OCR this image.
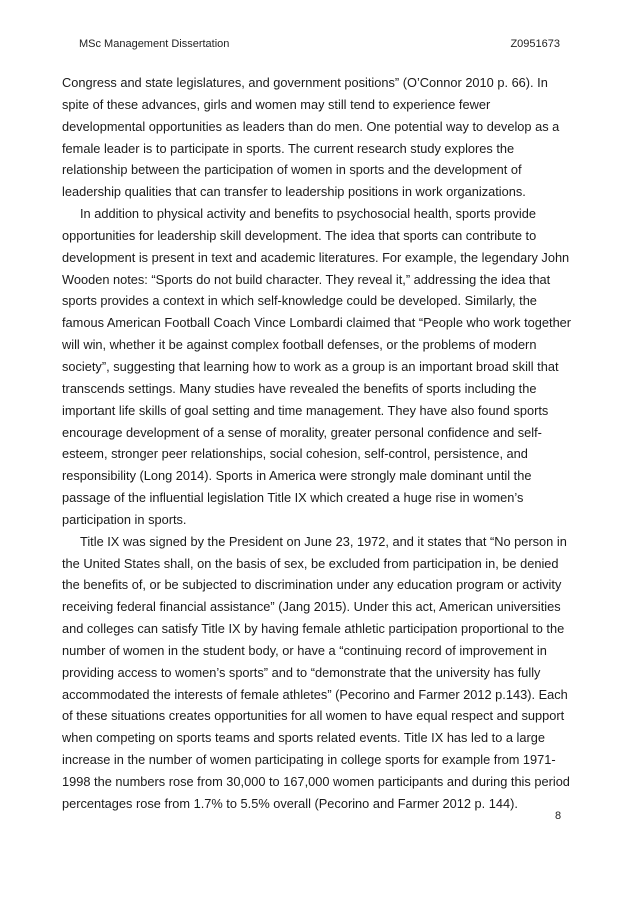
MSc Management Dissertation	Z0951673
Congress and state legislatures, and government positions” (O’Connor 2010 p. 66). In
spite of these advances, girls and women may still tend to experience fewer
developmental opportunities as leaders than do men. One potential way to develop as a
female leader is to participate in sports. The current research study explores the
relationship between the participation of women in sports and the development of
leadership qualities that can transfer to leadership positions in work organizations.
In addition to physical activity and benefits to psychosocial health, sports provide
opportunities for leadership skill development. The idea that sports can contribute to
development is present in text and academic literatures. For example, the legendary John
Wooden notes: “Sports do not build character. They reveal it,” addressing the idea that
sports provides a context in which self-knowledge could be developed. Similarly, the
famous American Football Coach Vince Lombardi claimed that “People who work together
will win, whether it be against complex football defenses, or the problems of modern
society”, suggesting that learning how to work as a group is an important broad skill that
transcends settings. Many studies have revealed the benefits of sports including the
important life skills of goal setting and time management. They have also found sports
encourage development of a sense of morality, greater personal confidence and self-
esteem, stronger peer relationships, social cohesion, self-control, persistence, and
responsibility (Long 2014). Sports in America were strongly male dominant until the
passage of the influential legislation Title IX which created a huge rise in women’s
participation in sports.
Title IX was signed by the President on June 23, 1972, and it states that “No person in
the United States shall, on the basis of sex, be excluded from participation in, be denied
the benefits of, or be subjected to discrimination under any education program or activity
receiving federal financial assistance” (Jang 2015). Under this act, American universities
and colleges can satisfy Title IX by having female athletic participation proportional to the
number of women in the student body, or have a “continuing record of improvement in
providing access to women’s sports” and to “demonstrate that the university has fully
accommodated the interests of female athletes” (Pecorino and Farmer 2012 p.143). Each
of these situations creates opportunities for all women to have equal respect and support
when competing on sports teams and sports related events. Title IX has led to a large
increase in the number of women participating in college sports for example from 1971-
1998 the numbers rose from 30,000 to 167,000 women participants and during this period
percentages rose from 1.7% to 5.5% overall (Pecorino and Farmer 2012 p. 144).
8
